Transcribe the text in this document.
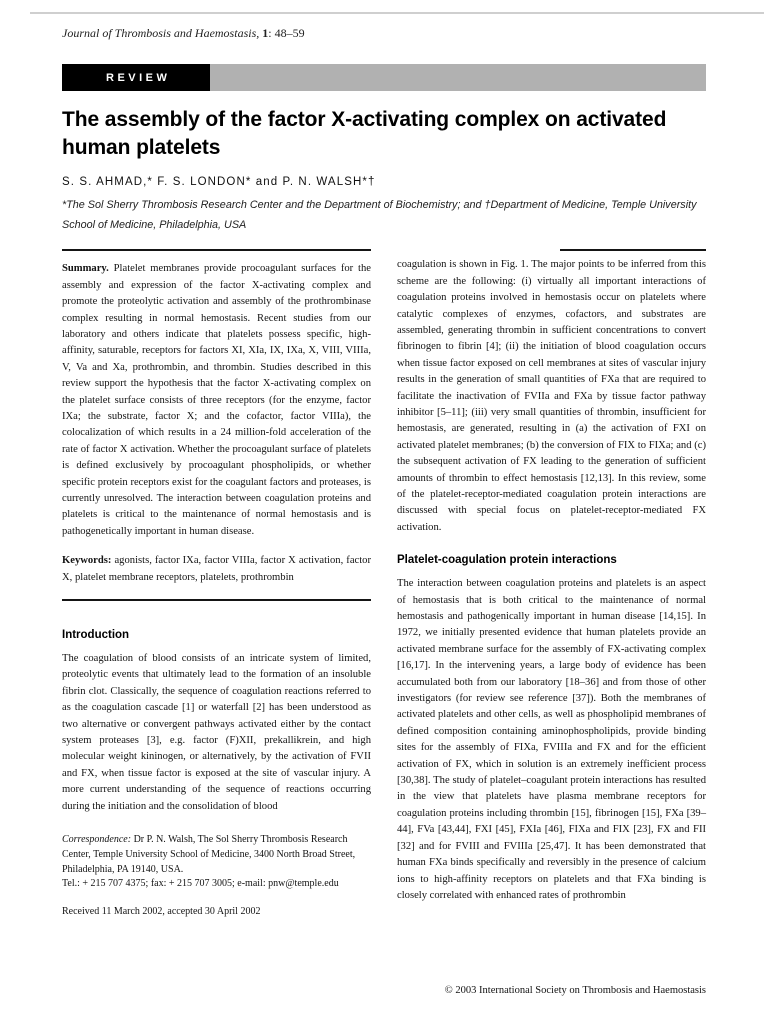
Journal of Thrombosis and Haemostasis, 1: 48–59
REVIEW
The assembly of the factor X-activating complex on activated human platelets
S. S. AHMAD,* F. S. LONDON* and P. N. WALSH*†
*The Sol Sherry Thrombosis Research Center and the Department of Biochemistry; and †Department of Medicine, Temple University School of Medicine, Philadelphia, USA

Summary. Platelet membranes provide procoagulant surfaces for the assembly and expression of the factor X-activating complex and promote the proteolytic activation and assembly of the prothrombinase complex resulting in normal hemostasis. Recent studies from our laboratory and others indicate that platelets possess specific, high-affinity, saturable, receptors for factors XI, XIa, IX, IXa, X, VIII, VIIIa, V, Va and Xa, prothrombin, and thrombin. Studies described in this review support the hypothesis that the factor X-activating complex on the platelet surface consists of three receptors (for the enzyme, factor IXa; the substrate, factor X; and the cofactor, factor VIIIa), the colocalization of which results in a 24 million-fold acceleration of the rate of factor X activation. Whether the procoagulant surface of platelets is defined exclusively by procoagulant phospholipids, or whether specific protein receptors exist for the coagulant factors and proteases, is currently unresolved. The interaction between coagulation proteins and platelets is critical to the maintenance of normal hemostasis and is pathogenetically important in human disease.

Keywords: agonists, factor IXa, factor VIIIa, factor X activation, factor X, platelet membrane receptors, platelets, prothrombin

Introduction

The coagulation of blood consists of an intricate system of limited, proteolytic events that ultimately lead to the formation of an insoluble fibrin clot. Classically, the sequence of coagulation reactions referred to as the coagulation cascade [1] or waterfall [2] has been understood as two alternative or convergent pathways activated either by the contact system proteases [3], e.g. factor (F)XII, prekallikrein, and high molecular weight kininogen, or alternatively, by the activation of FVII and FX, when tissue factor is exposed at the site of vascular injury. A more current understanding of the sequence of reactions occurring during the initiation and the consolidation of blood

Correspondence: Dr P. N. Walsh, The Sol Sherry Thrombosis Research Center, Temple University School of Medicine, 3400 North Broad Street, Philadelphia, PA 19140, USA.

Tel.: + 215 707 4375; fax: + 215 707 3005; e-mail: pnw@temple.edu

Received 11 March 2002, accepted 30 April 2002

coagulation is shown in Fig. 1. The major points to be inferred from this scheme are the following: (i) virtually all important interactions of coagulation proteins involved in hemostasis occur on platelets where catalytic complexes of enzymes, cofactors, and substrates are assembled, generating thrombin in sufficient concentrations to convert fibrinogen to fibrin [4]; (ii) the initiation of blood coagulation occurs when tissue factor exposed on cell membranes at sites of vascular injury results in the generation of small quantities of FXa that are required to facilitate the inactivation of FVIIa and FXa by tissue factor pathway inhibitor [5–11]; (iii) very small quantities of thrombin, insufficient for hemostasis, are generated, resulting in (a) the activation of FXI on activated platelet membranes; (b) the conversion of FIX to FIXa; and (c) the subsequent activation of FX leading to the generation of sufficient amounts of thrombin to effect hemostasis [12,13]. In this review, some of the platelet-receptor-mediated coagulation protein interactions are discussed with special focus on platelet-receptor-mediated FX activation.

Platelet-coagulation protein interactions

The interaction between coagulation proteins and platelets is an aspect of hemostasis that is both critical to the maintenance of normal hemostasis and pathogenically important in human disease [14,15]. In 1972, we initially presented evidence that human platelets provide an activated membrane surface for the assembly of FX-activating complex [16,17]. In the intervening years, a large body of evidence has been accumulated both from our laboratory [18–36] and from those of other investigators (for review see reference [37]). Both the membranes of activated platelets and other cells, as well as phospholipid membranes of defined composition containing aminophospholipids, provide binding sites for the assembly of FIXa, FVIIIa and FX and for the efficient activation of FX, which in solution is an extremely inefficient process [30,38]. The study of platelet–coagulant protein interactions has resulted in the view that platelets have plasma membrane receptors for coagulation proteins including thrombin [15], fibrinogen [15], FXa [39–44], FVa [43,44], FXI [45], FXIa [46], FIXa and FIX [23], FX and FII [32] and for FVIII and FVIIIa [25,47]. It has been demonstrated that human FXa binds specifically and reversibly in the presence of calcium ions to high-affinity receptors on platelets and that FXa binding is closely correlated with enhanced rates of prothrombin

© 2003 International Society on Thrombosis and Haemostasis
